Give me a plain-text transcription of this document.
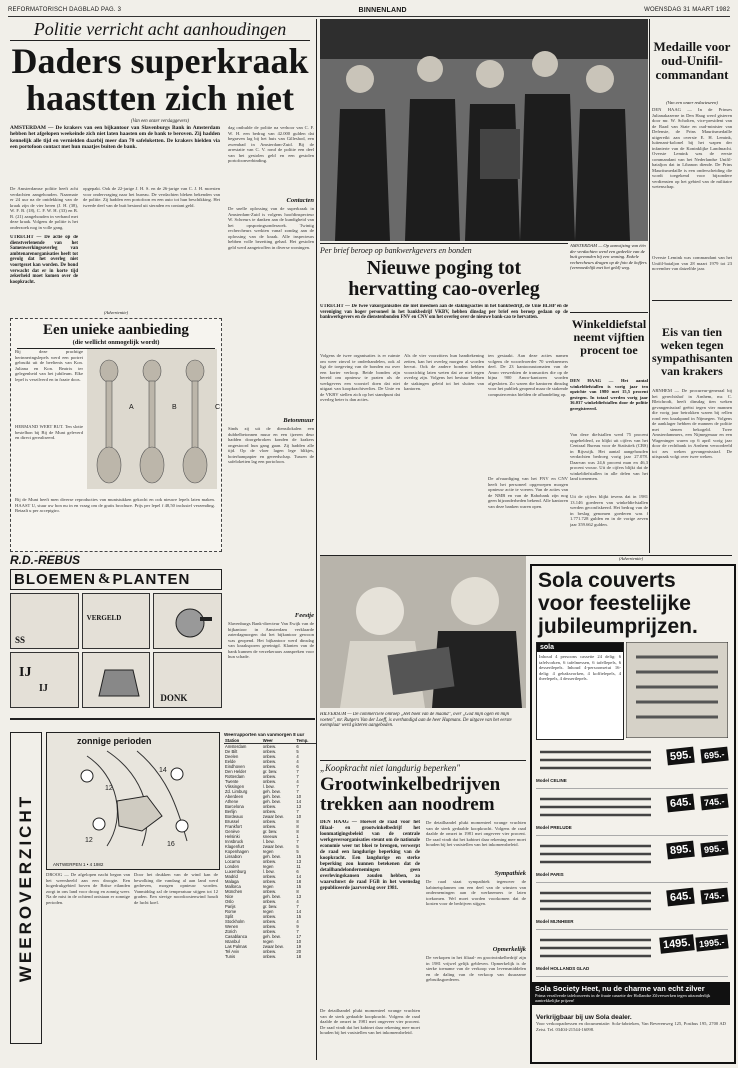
REFORMATORISCH DAGBLAD PAG. 3	BINNENLAND	WOENSDAG 31 MAART 1982
Politie verricht acht aanhoudingen
Daders superkraak
haastten zich niet
(Van een onzer verslaggevers)
AMSTERDAM — De krakers van een bijkantoor van Slavenburgs Bank in Amsterdam hebben het afgelopen weekeinde zich niet laten haasten om de bank te beroven. Zij hadden kennelijk alle tijd en vernielden daarbij meer dan 70 safeloketten. De krakers hielden via een portofoon contact met hun maatjes buiten de bank.
De Amsterdamse politie heeft acht verdachten aangehouden. Naarmate er 24 uur na de ontdekking van de kraak zijn de vier heren (J. H. (38), W. F. B. (18), C. F. W. H. (33) en B. B. (21) aangehouden in verband met deze kraak. Volgens de politie is het onderzoek nog in volle gang.
UTRECHT — De actie op de dienstverlenende van het Samenwerkingsoverleg van ambtenarenorganisaties heeft tot gevolg dat het overleg niet voortgezet kan worden. De bond verwacht dat er in korte tijd zekerheid moet komen over de koopkracht.
opgepakt. Ook de 22-jarige J. H. S. en de 26-jarige van C. J. H. moesten voor ondervraging naar het bureau. De verdachten bleken bekenden van de politie. Zij hadden een portofoon en een auto tot hun beschikking. Het tweede deel van de buit bestond uit sieraden en contant geld.
dag onthulde de politie na verhoor van C. F. W. H. een bedrag van 42.000 gulden dat begraven lag bij het huis van Gilleshod, een zwembad in Amsterdam-Zuid. Bij de arrestatie van C. V. rond de politie een deel van het gestolen geld en een gestolen portofoonverbinding.
Contacten
De snelle oplossing van de superkraak in Amsterdam-Zuid is volgens hoofdinspecteur W. Schreurs te danken aan de kundigheid van het opsporingsonderzoek. Twintig rechercheurs werkten vanaf zondag aan de oplossing van de kraak. Alle inspecteurs hebben volle bezetting gehad. Het gestolen geld werd aangetroffen in diverse woningen.
Betonmuur
Sinds zij uit de dienstlokalen een dubbelbetonnen muur en een ijzeren deur hadden doorgebroken konden de krakers ongestoord hun gang gaan. Zij hadden alle tijd. Op de vloer lagen lege blikjes, boterhampapier en gereedschap. Tussen de safeloketten lag een portofoon.
Feestje
Slavenburgs Bank-directeur Van Ewijk van de bijkantoor in Amsterdam verklaarde zaterdagmorgen dat het bijkantoor gewoon was geopend. Het bijkantoor werd dinsdag van kraaksporen gereinigd. Klanten van de bank kunnen de verzekeraars aanspreken voor hun schade.
(Advertentie)
Een unieke aanbieding
(die wellicht onmogelijk wordt)
Bij deze prachtige herinneringslepels werd een portret gebruikt uit de beeltenis van Kon. Juliana en Kon. Beatrix ter gelegenheid van het jubileum. Elke lepel is verzilverd en in fraaie doos.
HERMAND WERT BUT. Ten slotte bestelbon bij Bij de Munt geleverd en direct gerealiseerd.
A	B	C
Bij de Munt heeft men diverse reproducties van muntstukken gekocht en ook nieuwe lepels laten maken. HAAST U, stuur uw bon nu in en vraag om de gratis brochure. Prijs per lepel f 48,50 inclusief verzending. Betaalt u per acceptgiro.
R.D.-REBUS
BLOEMEN & PLANTEN
SS
VERGELD
IJ
IJ
DONK
WEEROVERZICHT
zonnige perioden
12
14
12
16
ANTWERPEN 1 • 4 1982
DROOG — De afgelopen nacht begon van het weersbeeld aan een droogte. Een hogedrukgebied boven de Britse eilanden zorgt in ons land voor droog en zonnig weer. Na de mist in de ochtend ontstaan er zonnige perioden.
Door het drukken van de wind kan de bewolking die vandaag al aan land werd gedreven, morgen opnieuw worden. Vanmiddag zal de temperatuur stijgen tot 12 graden. Een stevige noordoostenwind houdt de lucht koel.
Weerrapporten van vanmorgen 8 uur
Station	Weer	Temp.
Amsterdam	onbew.	6
De Bilt	onbew.	5
Deelen	onbew.	4
Eelde	onbew.	4
Eindhoven	onbew.	6
Den Helder	gr. bew.	7
Rotterdam	onbew.	7
Twente	onbew.	4
Vlissingen	l. bew.	7
Zd. Limburg	geh. bew.	7
Aberdeen	geh. bew.	10
Athene	geh. bew.	14
Barcelona	onbew.	13
Berlijn	onbew.	7
Bordeaux	zwaar bew.	10
Brussel	onbew.	8
Frankfort	onbew.	8
Genève	gr. bew.	8
Helsinki	sneeuw	1
Innsbruck	l. bew.	7
Klagenfurt	zwaar bew.	5
Kopenhagen	regen	5
Lissabon	geh. bew.	15
Locarno	onbew.	13
Londen	regen	11
Luxemburg	l. bew.	6
Madrid	onbew.	14
Malaga	onbew.	18
Mallorca	regen	15
München	onbew.	8
Nice	geh. bew.	13
Oslo	onbew.	4
Parijs	gr. bew.	7
Rome	regen	14
Split	onbew.	15
Stockholm	onbew.	4
Wenen	onbew.	9
Zürich	onbew.	7
Casablanca	geh. bew.	17
Istanbul	regen	10
Las Palmas	zwaar bew.	19
Tel Aviv	onbew.	20
Tunis	onbew.	18
Per brief beroep op bankwerkgevers en bonden
Nieuwe poging tot hervatting cao-overleg
UTRECHT — De twee vakorganisaties die niet meedoen aan de stakingsacties in het bankbedrijf, de Unie BLHP en de vereniging van hoger personeel in het bankbedrijf VKBV, hebben dinsdag per brief een beroep gedaan op de bankwerkgevers en de dienstenbonden FNV en CNV om het overleg over de nieuwe bank-cao te hervatten.
Volgens de twee organisaties is er ruimte om weer zinvol te onderhandelen, ook al ligt de toegeving van de bonden nu over een korter verloop. Beide bonden zijn bereid om opnieuw te praten als de werkgevers een voorstel doen dat niet uitgaat van koopkrachtverlies. De Unie en de VKBV stellen zich op het standpunt dat overleg beter is dan acties.
Als de vier voorzitters hun handtekening zetten, kan het overleg morgen al worden hervat. Ook de andere bonden hebben voorzichtig laten weten dat ze niet tegen overleg zijn. Volgens het bestuur hebben de stakingen geleid tot het sluiten van kantoren.
ten gestaakt. Aan deze acties namen volgens de woordvoerder 70 werknemers deel. De 23 kantoorautomaten van de Amro verwerkten de transacties die op de bijna 900 Amro-kantoren worden afgesloten. Zo waren die kantoren dinsdag voor het publiek geopend maar de stakende computercentra hielden de afhandeling op.
De afvaardiging van het FNV en CNV heeft het personeel opgeroepen morgen opnieuw actie te voeren. Van de acties van de NMB en van de Rabobank zijn nog geen bijzonderheden bekend. Alle kantoren van deze banken waren open.
AMSTERDAM — Op aanwijzing van één der verdachten werd een gedeelte van de buit gevonden bij een woning. Enkele rechercheurs dragen op de foto de koffers (vermoedelijk met het geld) weg.
Medaille voor oud-Unifil-commandant
(Van een onzer redacteuren)
DEN HAAG — In de Prinses Julianakazerne in Den Haag werd gisteren door mr. W. Scholten, vice-president van de Raad van State en oud-minister van Defensie, de Prins Mauritsmedaille uitgereikt aan overste E. H. Lemink, luitenant-kolonel bij het wapen der infanterie van de Koninklijke Landmacht. Overste Lemink was de eerste commandant van het Nederlandse Unifil-bataljon dat in Libanon diende. De Prins Mauritsmedaille is een onderscheiding die wordt toegekend voor bijzondere verdiensten op het gebied van de militaire wetenschap.
Overste Lemink was commandant van het Unifil-bataljon van 28 maart 1979 tot 23 november van datzelfde jaar.
Winkeldiefstal neemt vijftien procent toe
DEN HAAG — Het aantal winkeldiefstallen is vorig jaar ten opzichte van 1980 met 15,5 procent gestegen. In totaal werden vorig jaar 36.037 winkeldiefstallen door de politie geregistreerd.
Van deze diefstallen werd 75 procent opgehelderd, zo blijkt uit cijfers van het Centraal Bureau voor de Statistiek (CBS) in Rijswijk. Het aantal aangehouden verdachten bedroeg vorig jaar 27.078. Daarvan was 24,6 procent man en 46,3 procent vrouw. Uit de cijfers blijkt dat de winkeldiefstallen in alle delen van het land toenemen.
Uit de cijfers blijkt tevens dat in 1981 13.146 goederen van winkeldiefstallen werden geconfiskeerd. Het bedrag van de in beslag genomen goederen was f 1.771.728 gulden en in de vorige zeven jaar 359.662 gulden.
Eis van tien weken tegen sympathisanten van krakers
ARNHEM — De procureur-generaal bij het gerechtshof in Arnhem, mr. C. Bleichrodt, heeft dinsdag tien weken gevangenisstraf geëist tegen vier mannen die vorig jaar betrokken waren bij rellen rond een kraakpand in Nijmegen. Volgens de aanklager hebben de mannen de politie met stenen bekogeld. Twee Amsterdammers, een Nijmegenaar en een Wageninger waren op 6 april vorig jaar door de rechtbank in Arnhem veroordeeld tot zes weken gevangenisstraf. De uitspraak volgt over twee weken.
HILVERSUM — De commerciële omroep ,,Het boek van de maand'', over ,,God mijn ogen en mijn voeten'', mr. Rutgers Van der Loeff, is overhandigd aan de heer Hupmans. De uitgave van het eerste exemplaar werd gisteren aangeboden.
„Koopkracht niet langdurig beperken"
Grootwinkelbedrijven trekken aan noodrem
DEN HAAG — Hoewel de raad voor het filiaal- en grootwinkelbedrijf het loonmatigingsbeleid van de centrale werkgeversorganisaties steunt om de nationale economie weer tot bloei te brengen, verwerpt de raad een langdurige beperking van de koopkracht. Een langdurige en sterke beperking zou kunnen betekenen dat de detailhandelondernemingen geen overlevingskansen zouden hebben, zo waarschuwt de raad FGB in het woensdag gepubliceerde jaarverslag over 1981.
De detailhandel plukt momenteel wrange vruchten van de sterk gedaalde koopkracht. Volgens de raad daalde de omzet in 1981 met ongeveer vier procent. De raad vindt dat het kabinet daar rekening mee moet houden bij het vaststellen van het inkomensbeleid.
De detailhandel plukt momenteel wrange vruchten van de sterk gedaalde koopkracht. Volgens de raad daalde de omzet in 1981 met ongeveer vier procent. De raad vindt dat het kabinet daar rekening mee moet houden bij het vaststellen van het inkomensbeleid.
Sympathiek
De raad staat sympathiek tegenover de kabinetsplannen om een deel van de winsten van ondernemingen aan de werknemers te laten toekomen. Wel moet worden voorkomen dat de kosten voor de bedrijven stijgen.
Opmerkelijk
De verkopen in het filiaal- en grootwinkelbedrijf zijn in 1981 vrijwel gelijk gebleven. Opmerkelijk is de sterke toename van de verkoop van levensmiddelen en de daling van de verkoop van duurzame gebruiksgoederen.
(Advertentie)
Sola couverts
voor feestelijke
jubileumprijzen.
sola
Inhoud 4 persoons cassette 24 delig: 6 tafelvorken, 6 tafelmessen, 6 tafellepels, 6 dessertlepels. Inhoud 4-persoonsetui 16-delig: 4 gebaksvorken, 4 koffielepels, 4 theelepels, 4 dessertlepels.
Model CELINE
595.	695.-
Model PRELUDE
645.	745.-
Model PARIS
895.	995.-
Model MIJNHEER
645.	745.-
Model HOLLANDS GLAD
1495. 1995.-
Sola Society Heet, nu de charme van echt zilver
Prima verzilverde tafelcouverts in de fraaie cassette der Hollandse Zilverwerken tegen uitzonderlijk aantrekkelijke prijzen!
Verkrijgbaar bij uw Sola dealer.
Voor verkoopadressen en documentatie: Sola-fabrieken, Van Beverenweg 125, Postbus 195, 2700 AD Zeist. Tel. 03404-21544-16098.
